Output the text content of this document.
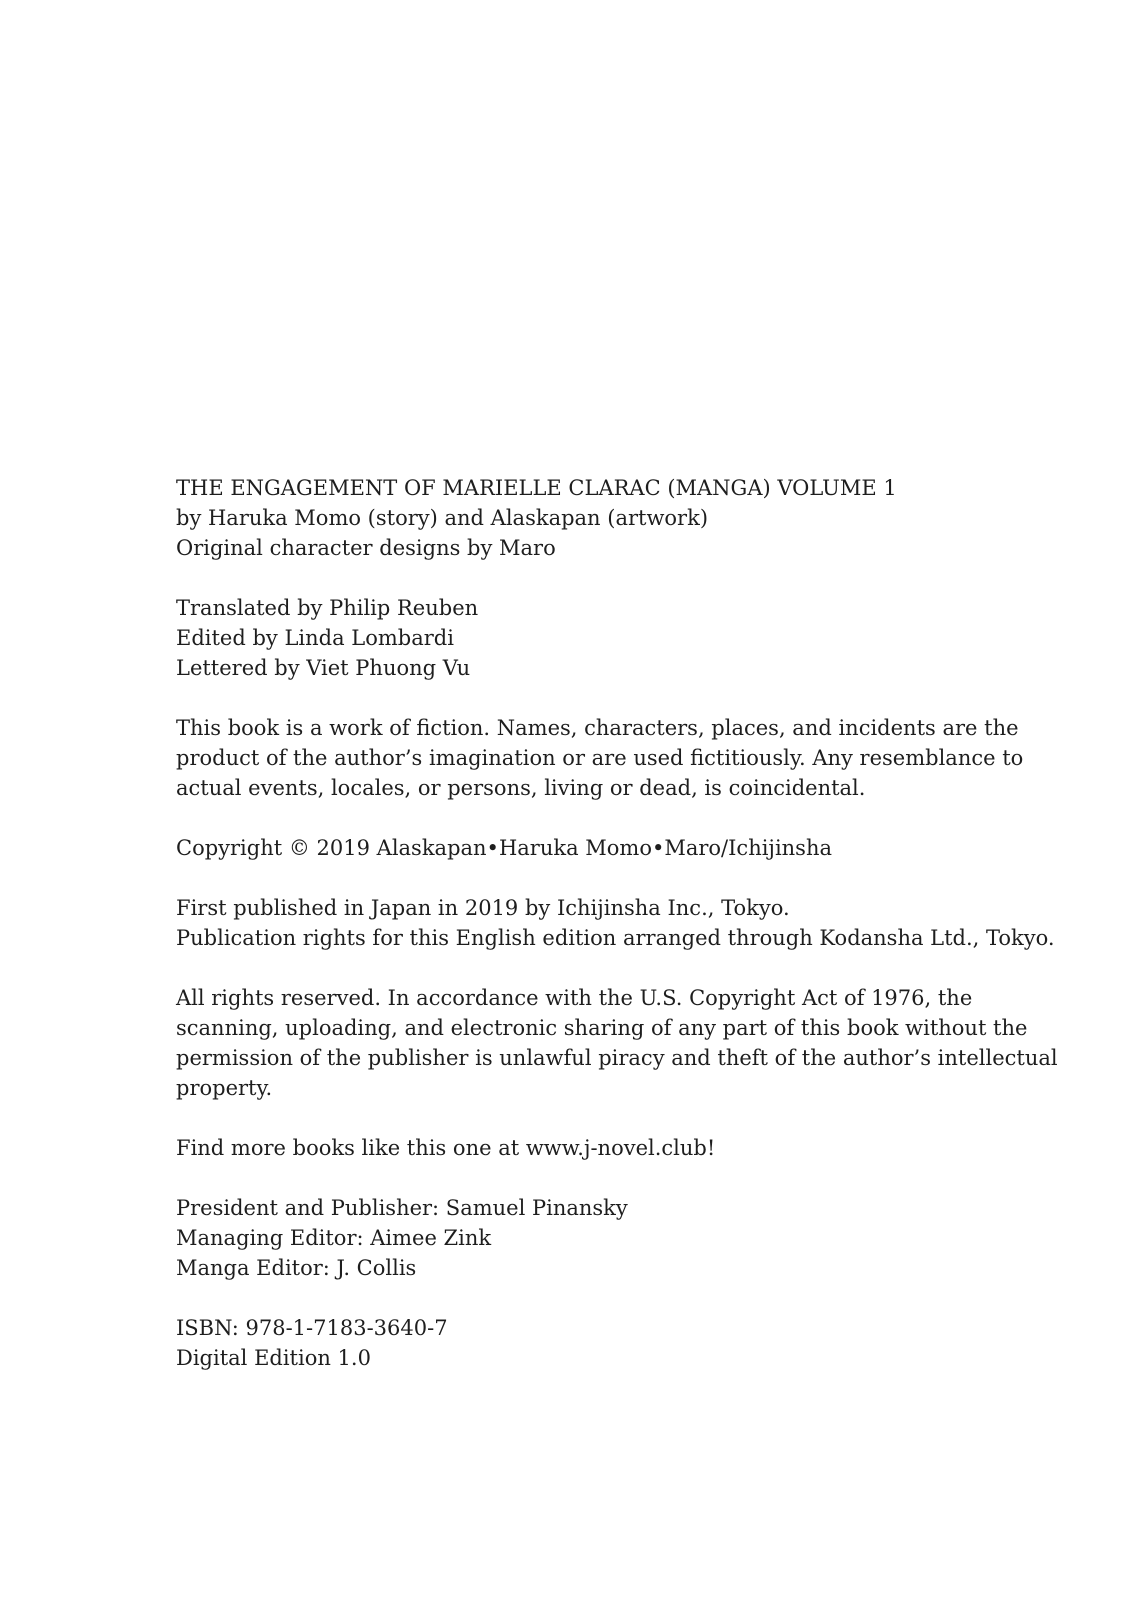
THE ENGAGEMENT OF MARIELLE CLARAC (MANGA) VOLUME 1
by Haruka Momo (story) and Alaskapan (artwork)
Original character designs by Maro
Translated by Philip Reuben
Edited by Linda Lombardi
Lettered by Viet Phuong Vu
This book is a work of fiction. Names, characters, places, and incidents are the
product of the author’s imagination or are used fictitiously. Any resemblance to
actual events, locales, or persons, living or dead, is coincidental.
Copyright © 2019 Alaskapan•Haruka Momo•Maro/Ichijinsha
First published in Japan in 2019 by Ichijinsha Inc., Tokyo.
Publication rights for this English edition arranged through Kodansha Ltd., Tokyo.
All rights reserved. In accordance with the U.S. Copyright Act of 1976, the
scanning, uploading, and electronic sharing of any part of this book without the
permission of the publisher is unlawful piracy and theft of the author’s intellectual
property.
Find more books like this one at www.j-novel.club!
President and Publisher: Samuel Pinansky
Managing Editor: Aimee Zink
Manga Editor: J. Collis
ISBN: 978-1-7183-3640-7
Digital Edition 1.0
